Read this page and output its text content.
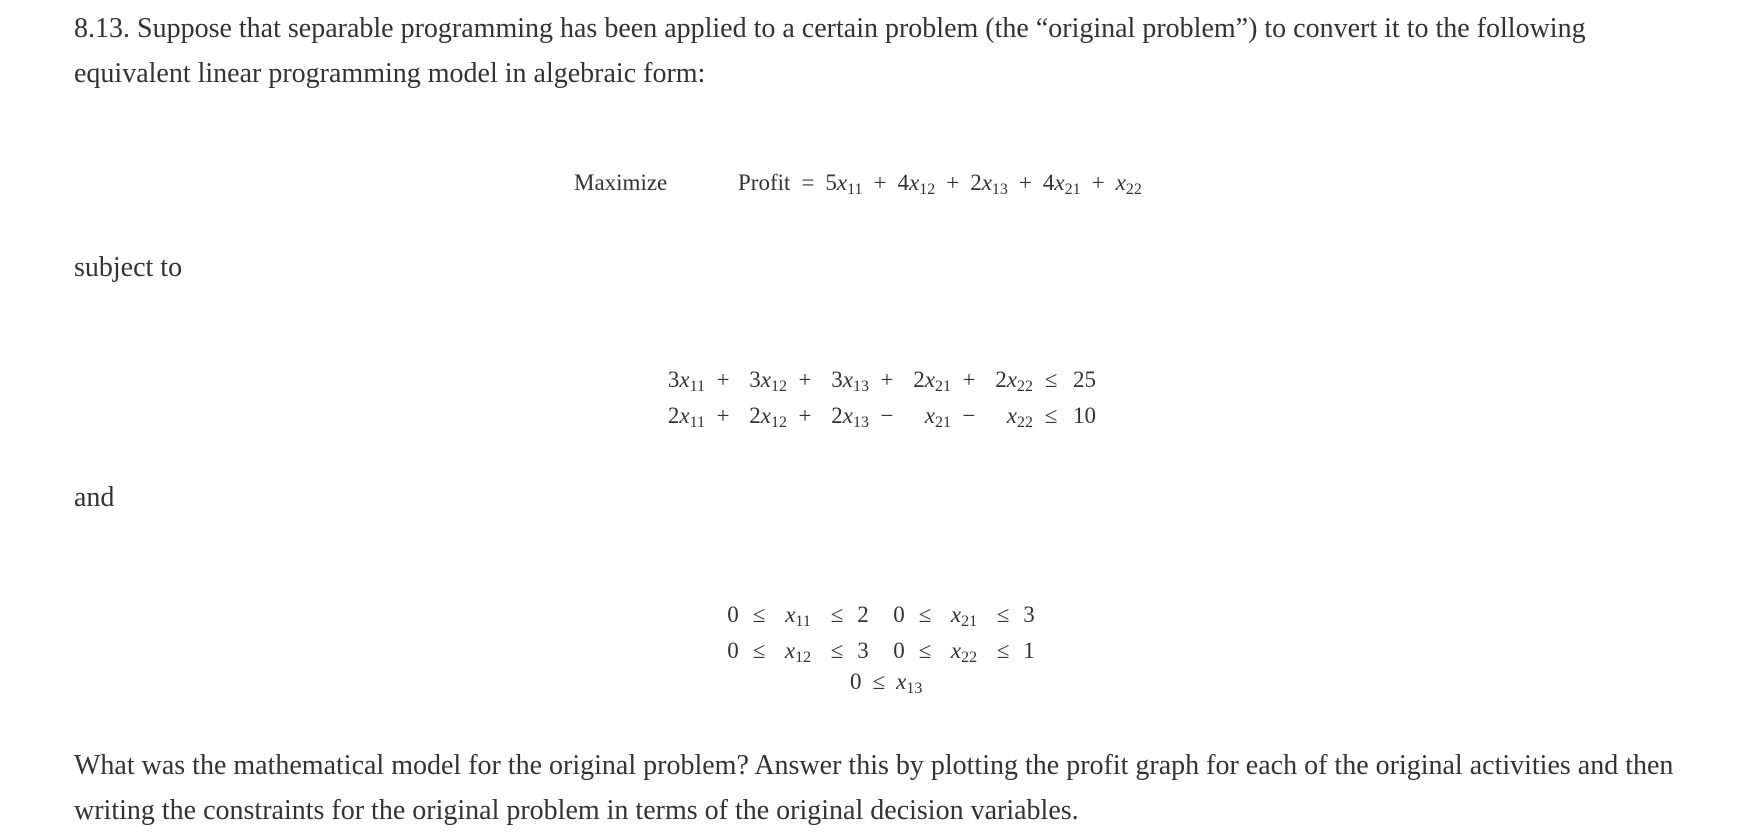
8.13. Suppose that separable programming has been applied to a certain problem (the “original problem”) to convert it to the following equivalent linear programming model in algebraic form:

Maximize	Profit = 5x11 + 4x12 + 2x13 + 4x21 + x22

subject to

3x11	+	3x12	+	3x13	+	2x21	+	2x22	≤	25
2x11	+	2x12	+	2x13	−	x21	−	x22	≤	10

and

0	≤	x11	≤	2		0	≤	x21	≤	3
0	≤	x12	≤	3		0	≤	x22	≤	1
0 ≤ x13

What was the mathematical model for the original problem? Answer this by plotting the profit graph for each of the original activities and then writing the constraints for the original problem in terms of the original decision variables.
